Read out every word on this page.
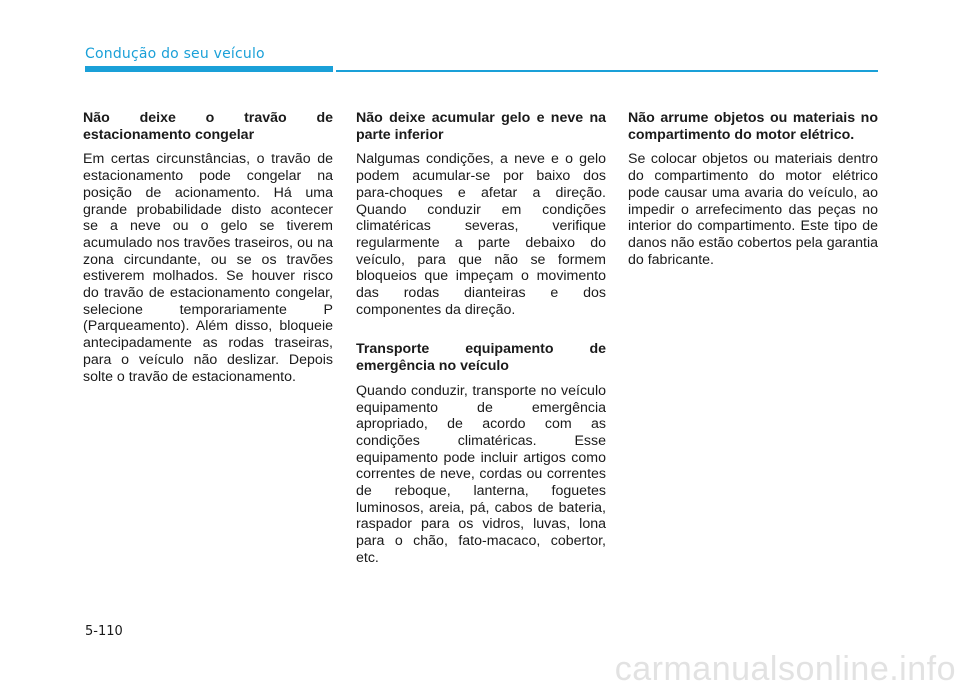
Condução do seu veículo
Não deixe o travão de estacionamento congelar

Em certas circunstâncias, o travão de estacionamento pode congelar na posição de acionamento. Há uma grande probabilidade disto acontecer se a neve ou o gelo se tiverem acumulado nos travões traseiros, ou na zona circundante, ou se os travões estiverem molhados. Se houver risco do travão de estacionamento congelar, selecione temporariamente P (Parqueamento). Além disso, bloqueie antecipadamente as rodas traseiras, para o veículo não deslizar. Depois solte o travão de estacionamento.

Não deixe acumular gelo e neve na parte inferior

Nalgumas condições, a neve e o gelo podem acumular-se por baixo dos para-choques e afetar a direção. Quando conduzir em condições climatéricas severas, verifique regularmente a parte debaixo do veículo, para que não se formem bloqueios que impeçam o movimento das rodas dianteiras e dos componentes da direção.

Transporte equipamento de emergência no veículo

Quando conduzir, transporte no veículo equipamento de emergência apropriado, de acordo com as condições climatéricas. Esse equipamento pode incluir artigos como correntes de neve, cordas ou correntes de reboque, lanterna, foguetes luminosos, areia, pá, cabos de bateria, raspador para os vidros, luvas, lona para o chão, fato-macaco, cobertor, etc.

Não arrume objetos ou materiais no compartimento do motor elétrico.

Se colocar objetos ou materiais dentro do compartimento do motor elétrico pode causar uma avaria do veículo, ao impedir o arrefecimento das peças no interior do compartimento. Este tipo de danos não estão cobertos pela garantia do fabricante.

5-110
carmanualsonline.info
